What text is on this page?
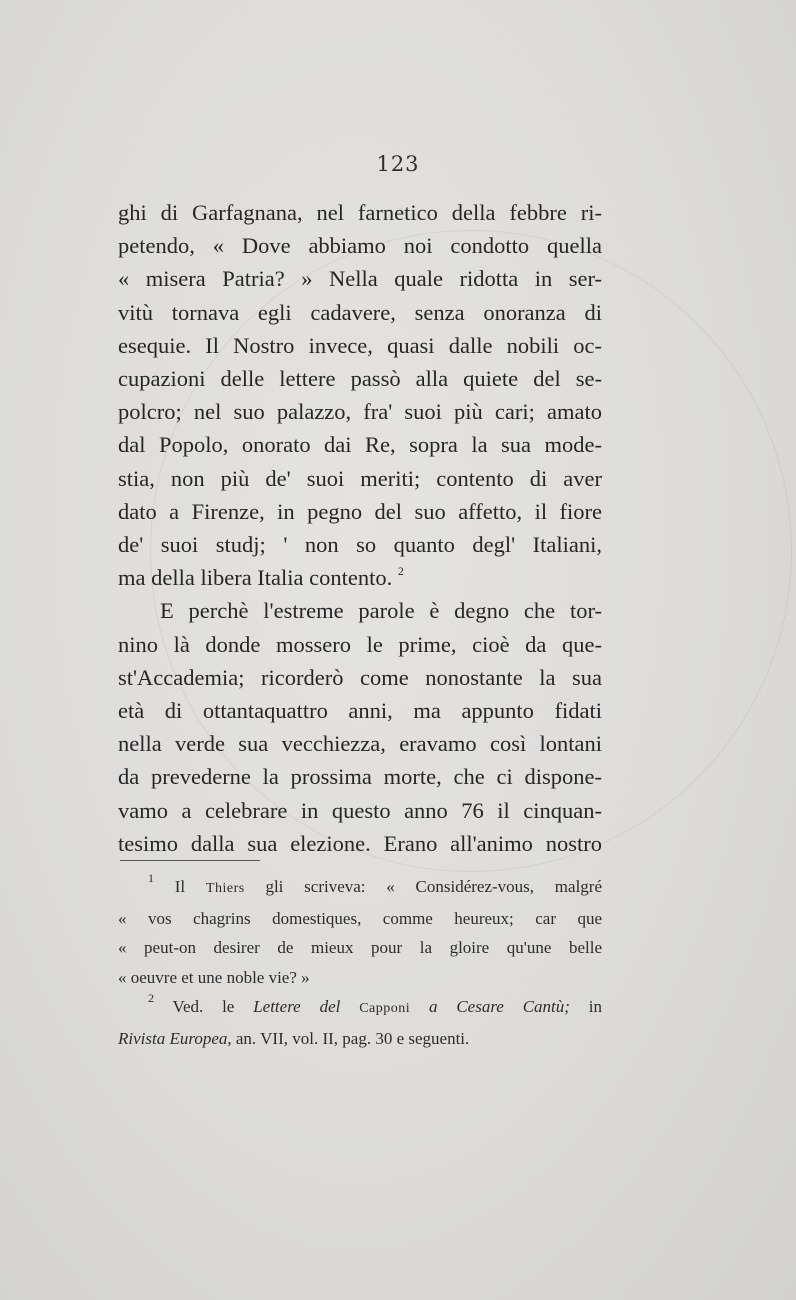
123
ghi di Garfagnana, nel farnetico della febbre ri-
petendo, « Dove abbiamo noi condotto quella
« misera Patria? » Nella quale ridotta in ser-
vitù tornava egli cadavere, senza onoranza di
esequie. Il Nostro invece, quasi dalle nobili oc-
cupazioni delle lettere passò alla quiete del se-
polcro; nel suo palazzo, fra' suoi più cari; amato
dal Popolo, onorato dai Re, sopra la sua mode-
stia, non più de' suoi meriti; contento di aver
dato a Firenze, in pegno del suo affetto, il fiore
de' suoi studj; ' non so quanto degl' Italiani,
ma della libera Italia contento. $^2$
E perchè l'estreme parole è degno che tor-
nino là donde mossero le prime, cioè da que-
st'Accademia; ricorderò come nonostante la sua
età di ottantaquattro anni, ma appunto fidati
nella verde sua vecchiezza, eravamo così lontani
da prevederne la prossima morte, che ci dispone-
vamo a celebrare in questo anno 76 il cinquan-
tesimo dalla sua elezione. Erano all'animo nostro
$^1$ Il Thiers gli scriveva: « Considérez-vous, malgré
« vos chagrins domestiques, comme heureux; car que
« peut-on desirer de mieux pour la gloire qu'une belle
« oeuvre et une noble vie? »
$^2$ Ved. le Lettere del Capponi a Cesare Cantù; in
Rivista Europea, an. VII, vol. II, pag. 30 e seguenti.
